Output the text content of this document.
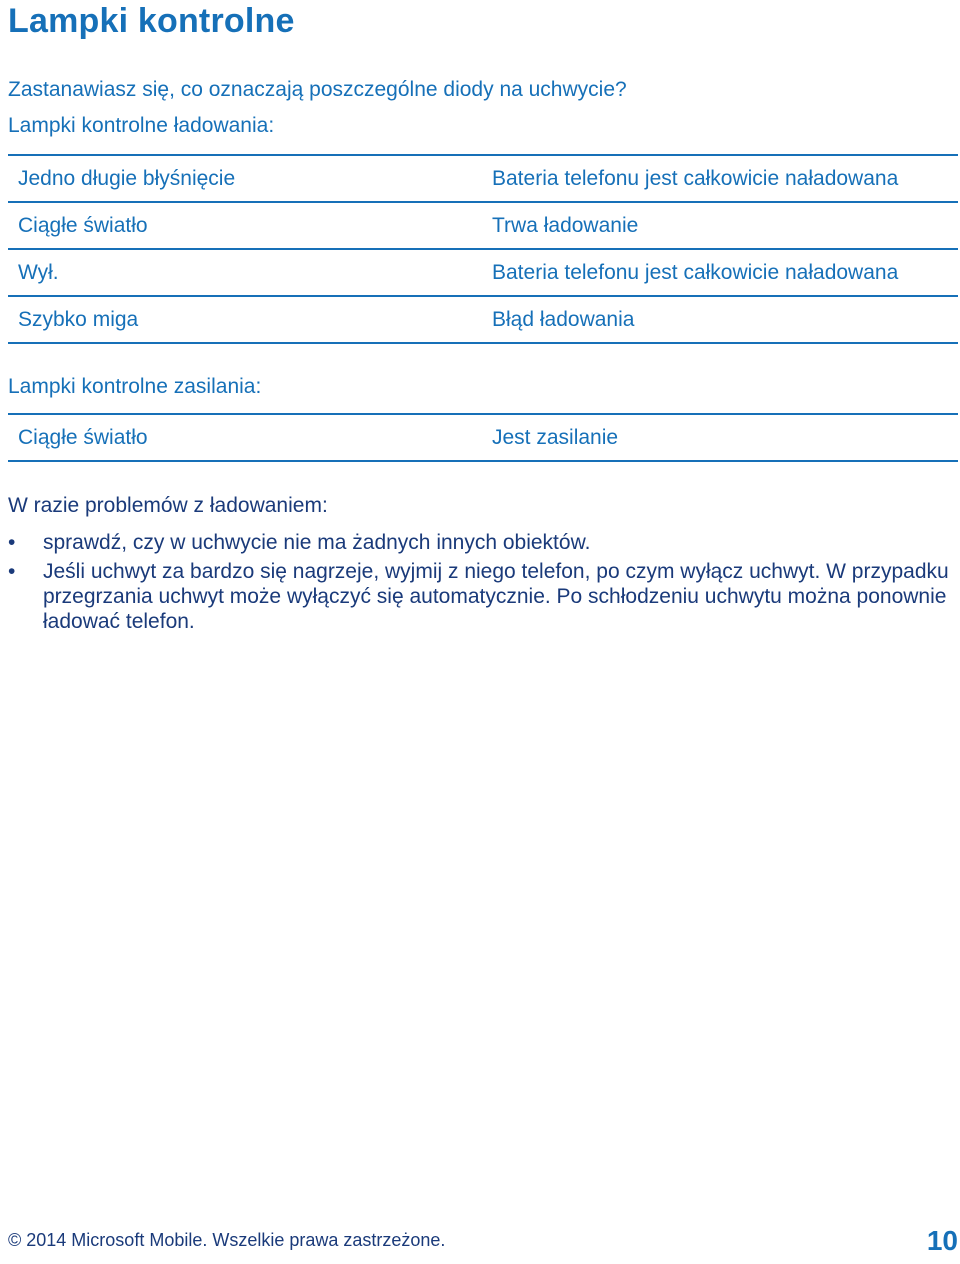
Lampki kontrolne
Zastanawiasz się, co oznaczają poszczególne diody na uchwycie?
Lampki kontrolne ładowania:
Jedno długie błyśnięcie	Bateria telefonu jest całkowicie naładowana
Ciągłe światło	Trwa ładowanie
Wył.	Bateria telefonu jest całkowicie naładowana
Szybko miga	Błąd ładowania
Lampki kontrolne zasilania:
Ciągłe światło	Jest zasilanie
W razie problemów z ładowaniem:
• sprawdź, czy w uchwycie nie ma żadnych innych obiektów.
• Jeśli uchwyt za bardzo się nagrzeje, wyjmij z niego telefon, po czym wyłącz uchwyt. W przypadku przegrzania uchwyt może wyłączyć się automatycznie. Po schłodzeniu uchwytu można ponownie ładować telefon.
© 2014 Microsoft Mobile. Wszelkie prawa zastrzeżone.	10
